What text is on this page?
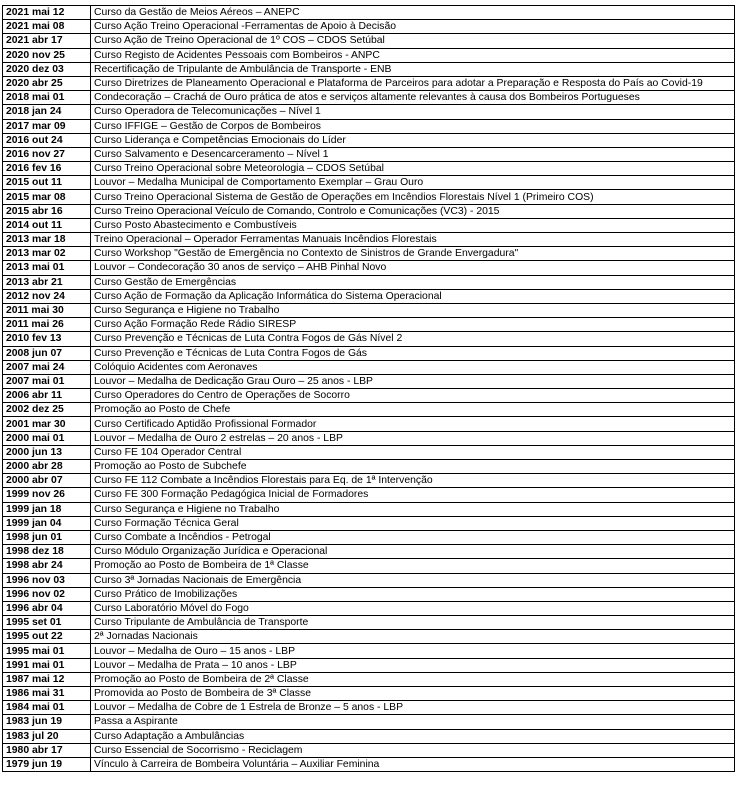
2021 mai 12	Curso da Gestão de Meios Aéreos – ANEPC
2021 mai 08	Curso Ação Treino Operacional -Ferramentas de Apoio à Decisão
2021 abr 17	Curso Ação de Treino Operacional de 1º COS – CDOS Setúbal
2020 nov 25	Curso Registo de Acidentes Pessoais com Bombeiros - ANPC
2020 dez 03	Recertificação de Tripulante de Ambulância de Transporte - ENB
2020 abr 25	Curso Diretrizes de Planeamento Operacional e Plataforma de Parceiros para adotar a Preparação e Resposta do País ao Covid-19
2018 mai 01	Condecoração – Crachá de Ouro prática de atos e serviços altamente relevantes à causa dos Bombeiros Portugueses
2018 jan 24	Curso Operadora de Telecomunicações – Nível 1
2017 mar 09	Curso IFFIGE – Gestão de Corpos de Bombeiros
2016 out 24	Curso Liderança e Competências Emocionais do Líder
2016 nov 27	Curso Salvamento e Desencarceramento – Nível 1
2016 fev 16	Curso Treino Operacional sobre Meteorologia – CDOS Setúbal
2015 out 11	Louvor – Medalha Municipal de Comportamento Exemplar – Grau Ouro
2015 mar 08	Curso Treino Operacional Sistema de Gestão de Operações em Incêndios Florestais Nível 1 (Primeiro COS)
2015 abr 16	Curso Treino Operacional Veículo de Comando, Controlo e Comunicações (VC3) - 2015
2014 out 11	Curso Posto Abastecimento e Combustíveis
2013 mar 18	Treino Operacional – Operador Ferramentas Manuais Incêndios Florestais
2013 mar 02	Curso Workshop "Gestão de Emergência no Contexto de Sinistros de Grande Envergadura"
2013 mai 01	Louvor – Condecoração 30 anos de serviço – AHB Pinhal Novo
2013 abr 21	Curso Gestão de Emergências
2012 nov 24	Curso Ação de Formação da Aplicação Informática do Sistema Operacional
2011 mai 30	Curso Segurança e Higiene no Trabalho
2011 mai 26	Curso Ação Formação Rede Rádio SIRESP
2010 fev 13	Curso Prevenção e Técnicas de Luta Contra Fogos de Gás Nível 2
2008 jun 07	Curso Prevenção e Técnicas de Luta Contra Fogos de Gás
2007 mai 24	Colóquio Acidentes com Aeronaves
2007 mai 01	Louvor – Medalha de Dedicação Grau Ouro – 25 anos - LBP
2006 abr 11	Curso Operadores do Centro de Operações de Socorro
2002 dez 25	Promoção ao Posto de Chefe
2001 mar 30	Curso Certificado Aptidão Profissional Formador
2000 mai 01	Louvor – Medalha de Ouro 2 estrelas – 20 anos - LBP
2000 jun 13	Curso FE 104 Operador Central
2000 abr 28	Promoção ao Posto de Subchefe
2000 abr 07	Curso FE 112 Combate a Incêndios Florestais para Eq. de 1ª Intervenção
1999 nov 26	Curso FE 300 Formação Pedagógica Inicial de Formadores
1999 jan 18	Curso Segurança e Higiene no Trabalho
1999 jan 04	Curso Formação Técnica Geral
1998 jun 01	Curso Combate a Incêndios - Petrogal
1998 dez 18	Curso Módulo Organização Jurídica e Operacional
1998 abr 24	Promoção ao Posto de Bombeira de 1ª Classe
1996 nov 03	Curso 3ª Jornadas Nacionais de Emergência
1996 nov 02	Curso Prático de Imobilizações
1996 abr 04	Curso Laboratório Móvel do Fogo
1995 set 01	Curso Tripulante de Ambulância de Transporte
1995 out 22	2ª Jornadas Nacionais
1995 mai 01	Louvor – Medalha de Ouro – 15 anos - LBP
1991 mai 01	Louvor – Medalha de Prata – 10 anos - LBP
1987 mai 12	Promoção ao Posto de Bombeira de 2ª Classe
1986 mai 31	Promovida ao Posto de Bombeira de 3ª Classe
1984 mai 01	Louvor – Medalha de Cobre de 1 Estrela de Bronze – 5 anos - LBP
1983 jun 19	Passa a Aspirante
1983 jul 20	Curso Adaptação a Ambulâncias
1980 abr 17	Curso Essencial de Socorrismo - Reciclagem
1979 jun 19	Vínculo à Carreira de Bombeira Voluntária – Auxiliar Feminina
